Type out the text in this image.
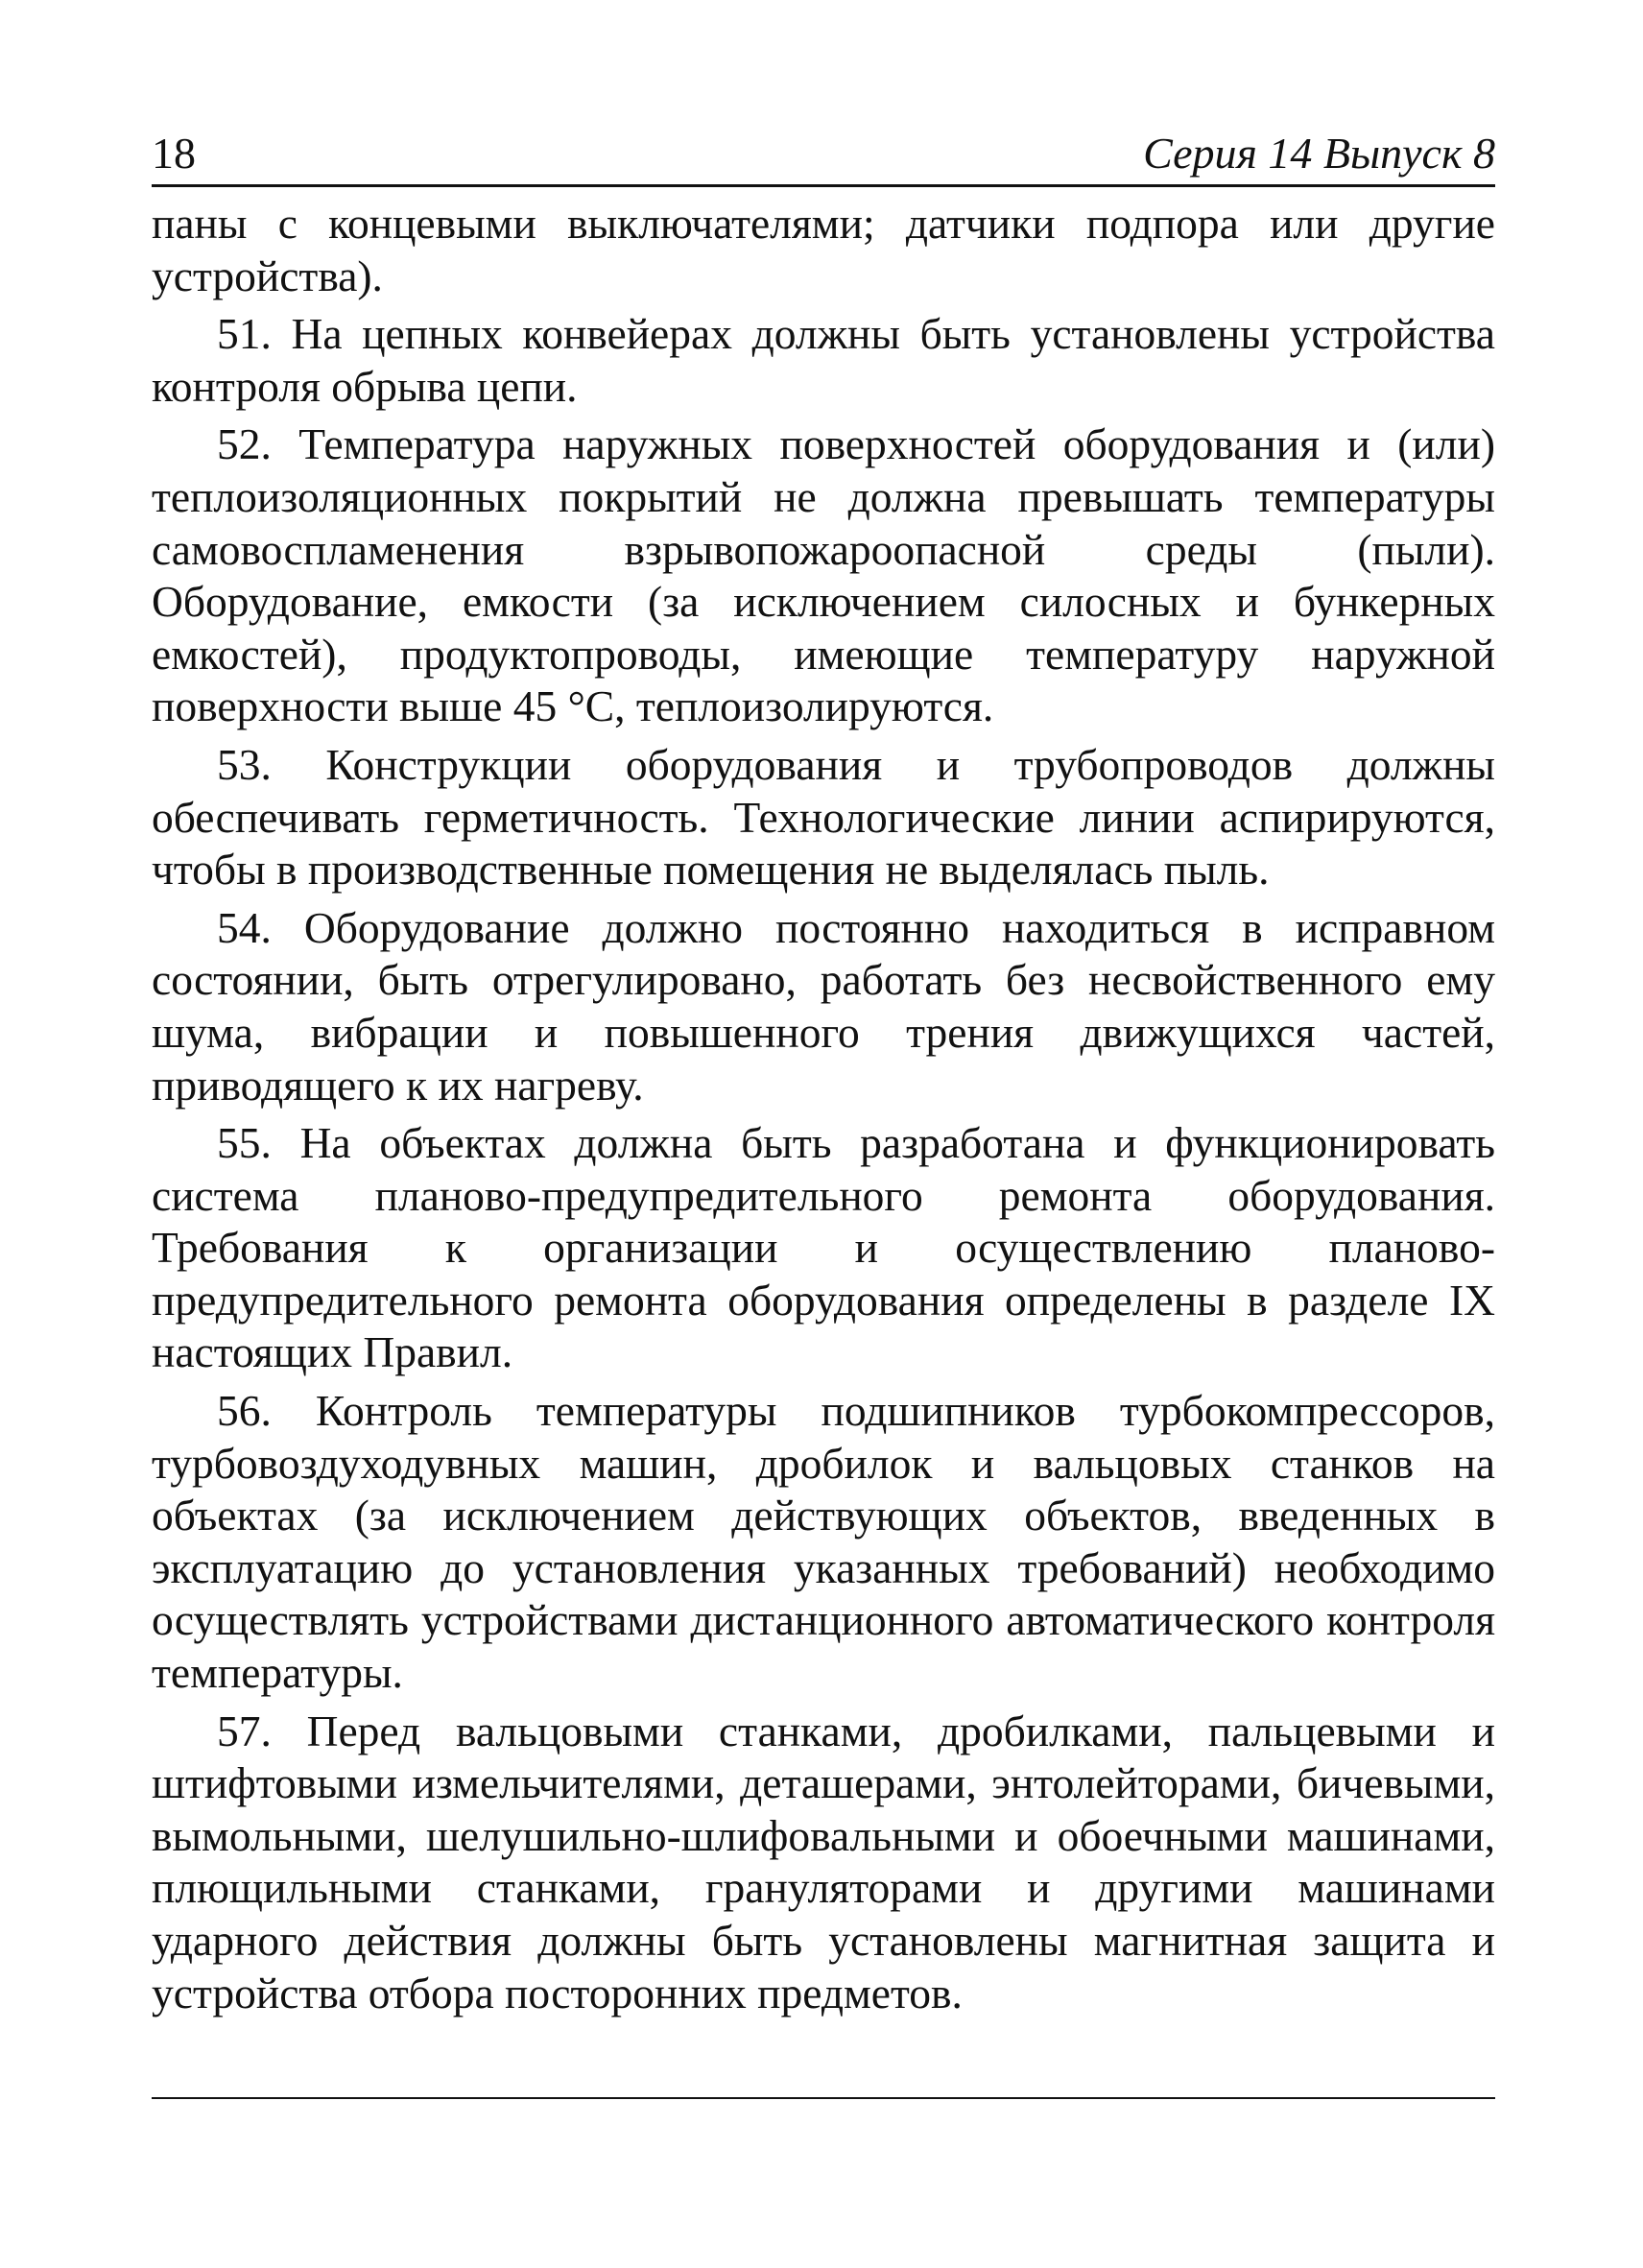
18	Серия 14 Выпуск 8

паны с концевыми выключателями; датчики подпора или другие устройства).

51. На цепных конвейерах должны быть установлены устройства контроля обрыва цепи.

52. Температура наружных поверхностей оборудования и (или) теплоизоляционных покрытий не должна превышать температуры самовоспламенения взрывопожароопасной среды (пыли). Оборудование, емкости (за исключением силосных и бункерных емкостей), продуктопроводы, имеющие температуру наружной поверхности выше 45 °С, теплоизолируются.

53. Конструкции оборудования и трубопроводов должны обеспечивать герметичность. Технологические линии аспирируются, чтобы в производственные помещения не выделялась пыль.

54. Оборудование должно постоянно находиться в исправном состоянии, быть отрегулировано, работать без несвойственного ему шума, вибрации и повышенного трения движущихся частей, приводящего к их нагреву.

55. На объектах должна быть разработана и функционировать система планово-предупредительного ремонта оборудования. Требования к организации и осуществлению планово-предупредительного ремонта оборудования определены в разделе IX настоящих Правил.

56. Контроль температуры подшипников турбокомпрессоров, турбовоздуходувных машин, дробилок и вальцовых станков на объектах (за исключением действующих объектов, введенных в эксплуатацию до установления указанных требований) необходимо осуществлять устройствами дистанционного автоматического контроля температуры.

57. Перед вальцовыми станками, дробилками, пальцевыми и штифтовыми измельчителями, деташерами, энтолейторами, бичевыми, вымольными, шелушильно-шлифовальными и обоечными машинами, плющильными станками, грануляторами и другими машинами ударного действия должны быть установлены магнитная защита и устройства отбора посторонних предметов.
